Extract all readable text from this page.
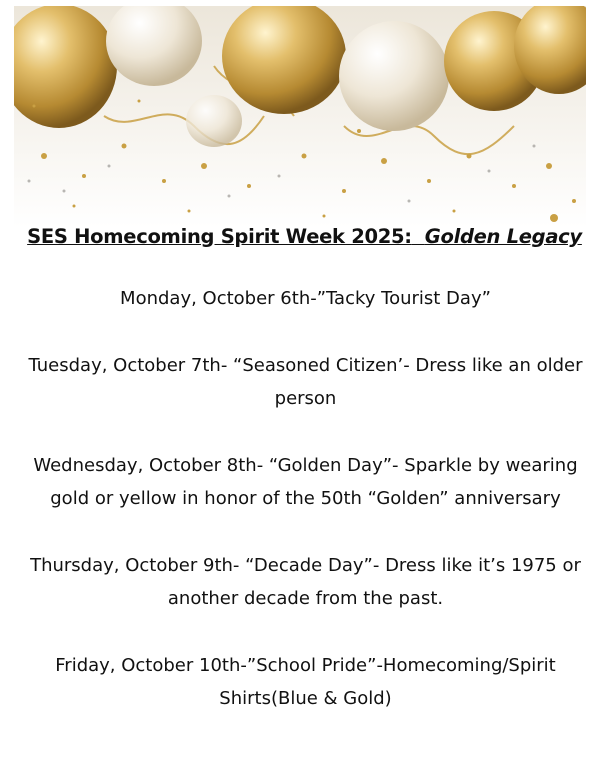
SES Homecoming Spirit Week 2025: Golden Legacy

Monday, October 6th-”Tacky Tourist Day”

Tuesday, October 7th- “Seasoned Citizen’- Dress like an older person

Wednesday, October 8th- “Golden Day”- Sparkle by wearing gold or yellow in honor of the 50th “Golden” anniversary

Thursday, October 9th- “Decade Day”- Dress like it’s 1975 or another decade from the past.

Friday, October 10th-”School Pride”-Homecoming/Spirit Shirts(Blue & Gold)
